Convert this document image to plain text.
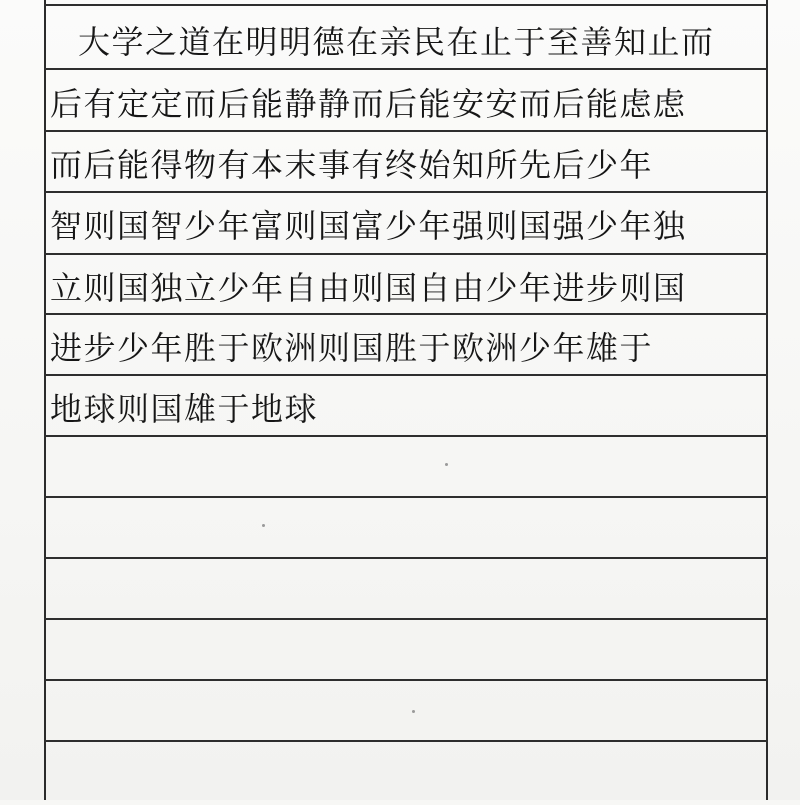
大学之道在明明德在亲民在止于至善知止而
后有定定而后能静静而后能安安而后能虑虑
而后能得物有本末事有终始知所先后少年
智则国智少年富则国富少年强则国强少年独
立则国独立少年自由则国自由少年进步则国
进步少年胜于欧洲则国胜于欧洲少年雄于
地球则国雄于地球
